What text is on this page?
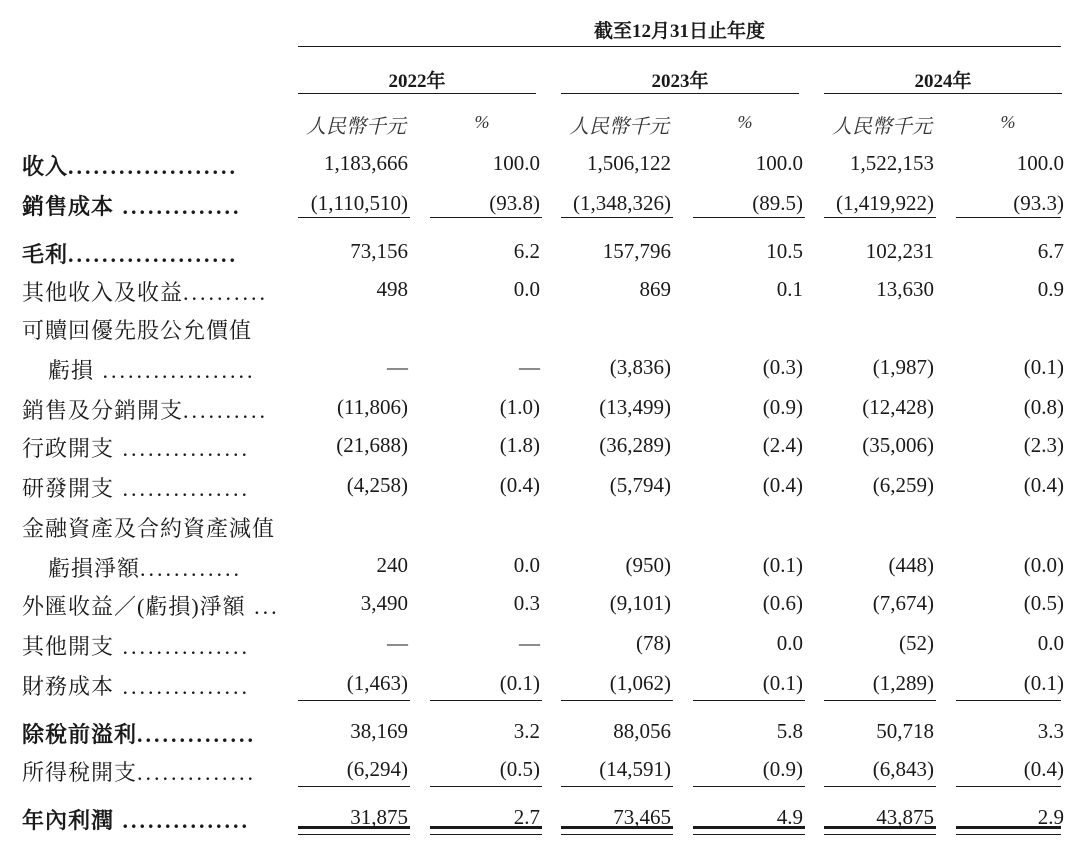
截至12月31日止年度
2022年	2023年	2024年
人民幣千元	%	人民幣千元	%	人民幣千元	%
收入....................	1,183,666	100.0	1,506,122	100.0	1,522,153	100.0
銷售成本 ..............	(1,110,510)	(93.8)	(1,348,326)	(89.5)	(1,419,922)	(93.3)
毛利....................	73,156	6.2	157,796	10.5	102,231	6.7
其他收入及收益..........	498	0.0	869	0.1	13,630	0.9
可贖回優先股公允價值
虧損 ..................	—	—	(3,836)	(0.3)	(1,987)	(0.1)
銷售及分銷開支..........	(11,806)	(1.0)	(13,499)	(0.9)	(12,428)	(0.8)
行政開支 ...............	(21,688)	(1.8)	(36,289)	(2.4)	(35,006)	(2.3)
研發開支 ...............	(4,258)	(0.4)	(5,794)	(0.4)	(6,259)	(0.4)
金融資產及合約資產減值
虧損淨額............	240	0.0	(950)	(0.1)	(448)	(0.0)
外匯收益／(虧損)淨額 ...	3,490	0.3	(9,101)	(0.6)	(7,674)	(0.5)
其他開支 ...............	—	—	(78)	0.0	(52)	0.0
財務成本 ...............	(1,463)	(0.1)	(1,062)	(0.1)	(1,289)	(0.1)
除稅前溢利..............	38,169	3.2	88,056	5.8	50,718	3.3
所得稅開支..............	(6,294)	(0.5)	(14,591)	(0.9)	(6,843)	(0.4)
年內利潤 ...............	31,875	2.7	73,465	4.9	43,875	2.9
